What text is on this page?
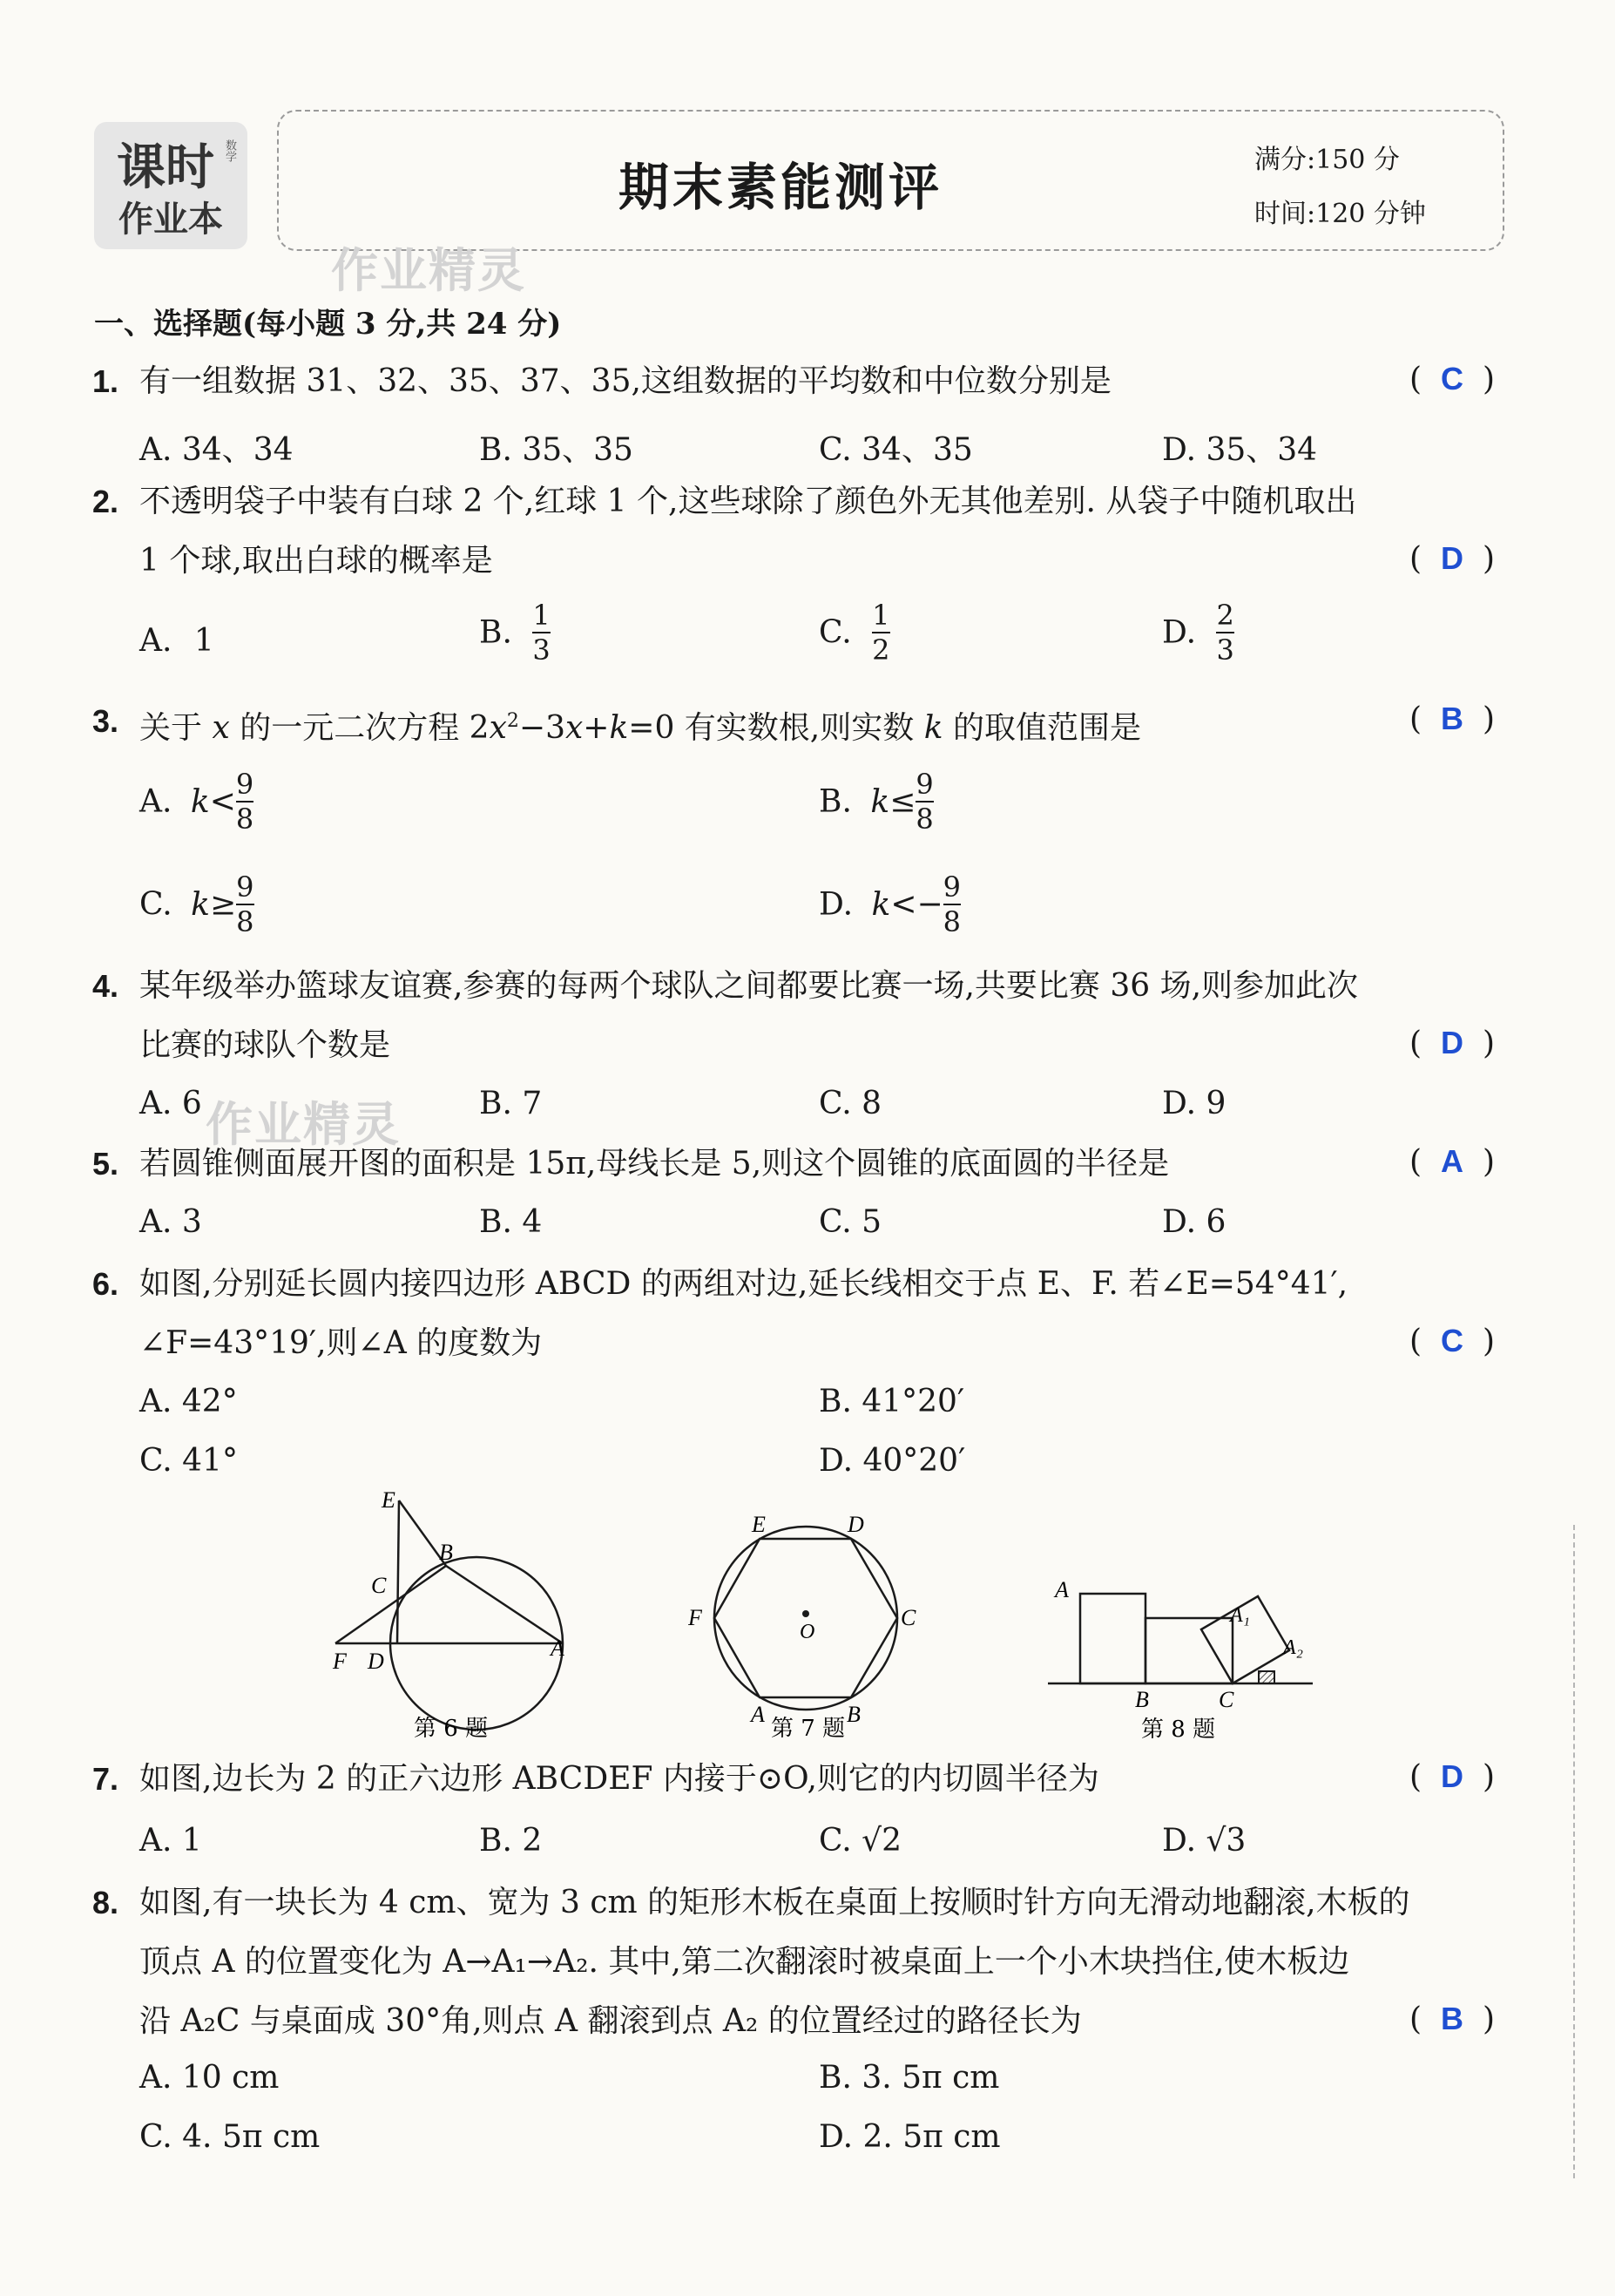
课时 数学
作业本
期末素能测评	满分:150 分
时间:120 分钟
作业精灵
作业精灵
一、选择题(每小题 3 分,共 24 分)
1. 有一组数据 31、32、35、37、35,这组数据的平均数和中位数分别是	( C )
A. 34、34	B. 35、35	C. 34、35	D. 35、34
2. 不透明袋子中装有白球 2 个,红球 1 个,这些球除了颜色外无其他差别. 从袋子中随机取出
1 个球,取出白球的概率是	( D )
A. 1	B. $\frac{1}{3}$	C. $\frac{1}{2}$	D. $\frac{2}{3}$
3. 关于 x 的一元二次方程 $2x^2-3x+k=0$ 有实数根,则实数 k 的取值范围是	( B )
A. $k< \frac{9}{8}$	B. $k\le \frac{9}{8}$
C. $k\ge \frac{9}{8}$	D. $k<- \frac{9}{8}$
4. 某年级举办篮球友谊赛,参赛的每两个球队之间都要比赛一场,共要比赛 36 场,则参加此次
比赛的球队个数是	( D )
A. 6	B. 7	C. 8	D. 9
5. 若圆锥侧面展开图的面积是 15π,母线长是 5,则这个圆锥的底面圆的半径是	( A )
A. 3	B. 4	C. 5	D. 6
6. 如图,分别延长圆内接四边形 ABCD 的两组对边,延长线相交于点 E、F. 若∠E=54°41′,
∠F=43°19′,则∠A 的度数为	( C )
A. 42°	B. 41°20′
C. 41°	D. 40°20′
E
B
C
F D
A
第 6 题
E	D
F
O
C
A	B
第 7 题
A
A₁
A₂
B	C
第 8 题
7. 如图,边长为 2 的正六边形 ABCDEF 内接于⊙O,则它的内切圆半径为	( D )
A. 1	B. 2	C. √2	D. √3
8. 如图,有一块长为 4 cm、宽为 3 cm 的矩形木板在桌面上按顺时针方向无滑动地翻滚,木板的
顶点 A 的位置变化为 A→A₁→A₂. 其中,第二次翻滚时被桌面上一个小木块挡住,使木板边
沿 A₂C 与桌面成 30°角,则点 A 翻滚到点 A₂ 的位置经过的路径长为	( B )
A. 10 cm	B. 3. 5π cm
C. 4. 5π cm	D. 2. 5π cm
